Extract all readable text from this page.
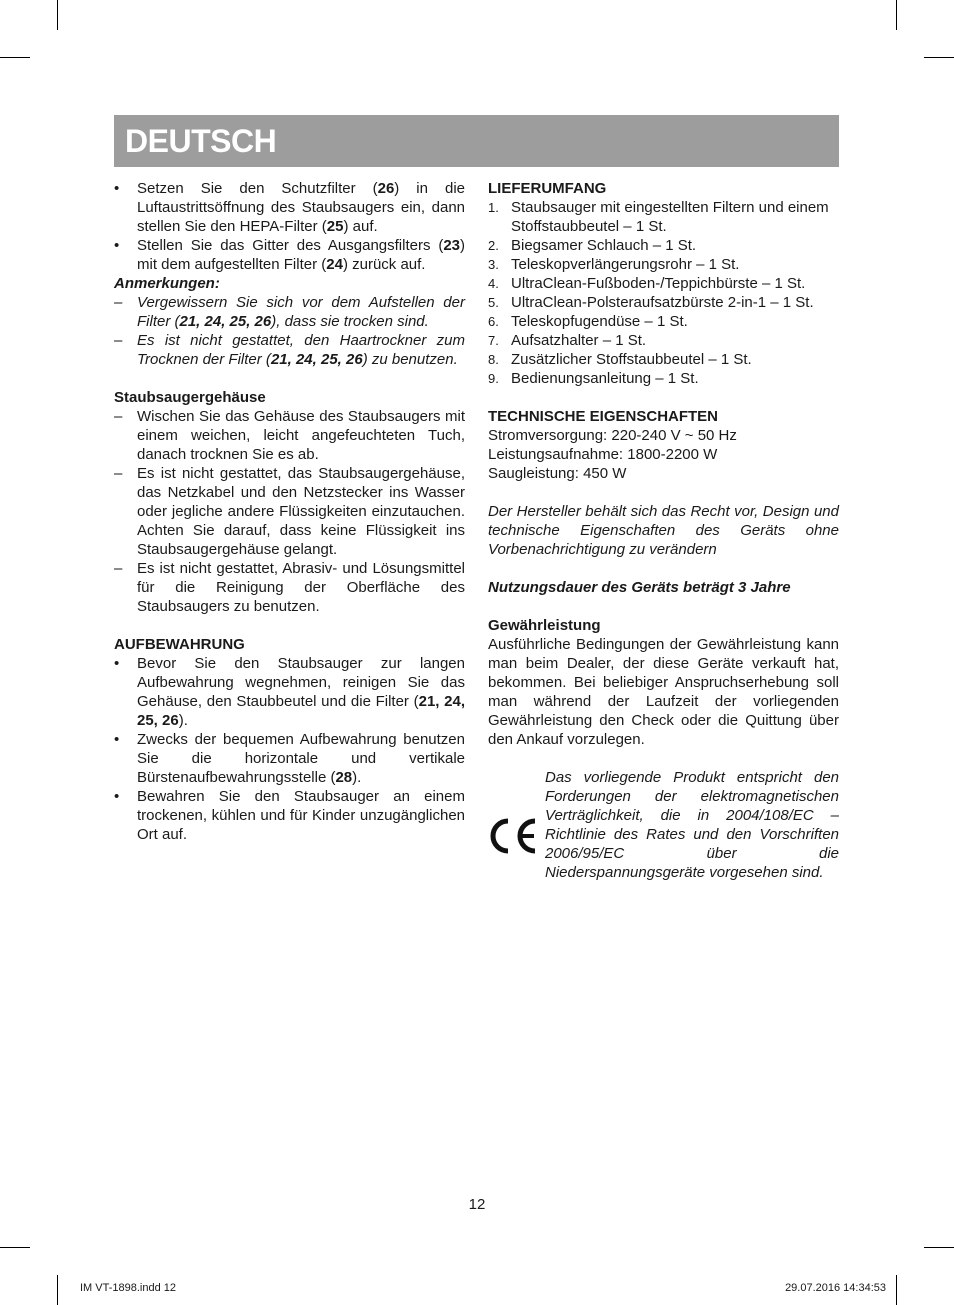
DEUTSCH
• Setzen Sie den Schutzfilter (26) in die Luftaustrittsöffnung des Staubsaugers ein, dann stellen Sie den HEPA-Filter (25) auf.
• Stellen Sie das Gitter des Ausgangsfilters (23) mit dem aufgestellten Filter (24) zurück auf.
Anmerkungen:
– Vergewissern Sie sich vor dem Aufstellen der Filter (21, 24, 25, 26), dass sie trocken sind.
– Es ist nicht gestattet, den Haartrockner zum Trocknen der Filter (21, 24, 25, 26) zu benutzen.
Staubsaugergehäuse
– Wischen Sie das Gehäuse des Staubsaugers mit einem weichen, leicht angefeuchteten Tuch, danach trocknen Sie es ab.
– Es ist nicht gestattet, das Staubsaugergehäuse, das Netzkabel und den Netzstecker ins Wasser oder jegliche andere Flüssigkeiten einzutauchen. Achten Sie darauf, dass keine Flüssigkeit ins Staubsaugergehäuse gelangt.
– Es ist nicht gestattet, Abrasiv- und Lösungsmittel für die Reinigung der Oberfläche des Staubsaugers zu benutzen.
AUFBEWAHRUNG
• Bevor Sie den Staubsauger zur langen Aufbewahrung wegnehmen, reinigen Sie das Gehäuse, den Staubbeutel und die Filter (21, 24, 25, 26).
• Zwecks der bequemen Aufbewahrung benutzen Sie die horizontale und vertikale Bürstenaufbewahrungsstelle (28).
• Bewahren Sie den Staubsauger an einem trockenen, kühlen und für Kinder unzugänglichen Ort auf.
LIEFERUMFANG
1. Staubsauger mit eingestellten Filtern und einem Stoffstaubbeutel – 1 St.
2. Biegsamer Schlauch – 1 St.
3. Teleskopverlängerungsrohr – 1 St.
4. UltraClean-Fußboden-/Teppichbürste – 1 St.
5. UltraClean-Polsteraufsatzbürste 2-in-1 – 1 St.
6. Teleskopfugendüse – 1 St.
7. Aufsatzhalter – 1 St.
8. Zusätzlicher Stoffstaubbeutel – 1 St.
9. Bedienungsanleitung – 1 St.
TECHNISCHE EIGENSCHAFTEN
Stromversorgung: 220-240 V ~ 50 Hz
Leistungsaufnahme: 1800-2200 W
Saugleistung: 450 W
Der Hersteller behält sich das Recht vor, Design und technische Eigenschaften des Geräts ohne Vorbenachrichtigung zu verändern
Nutzungsdauer des Geräts beträgt 3 Jahre
Gewährleistung
Ausführliche Bedingungen der Gewährleistung kann man beim Dealer, der diese Geräte verkauft hat, bekommen. Bei beliebiger Anspruchserhebung soll man während der Laufzeit der vorliegenden Gewährleistung den Check oder die Quittung über den Ankauf vorzulegen.
Das vorliegende Produkt entspricht den Forderungen der elektromagnetischen Verträglichkeit, die in 2004/108/EC – Richtlinie des Rates und den Vorschriften 2006/95/EC über die Niederspannungsgeräte vorgesehen sind.
12
IM VT-1898.indd 12	29.07.2016 14:34:53
